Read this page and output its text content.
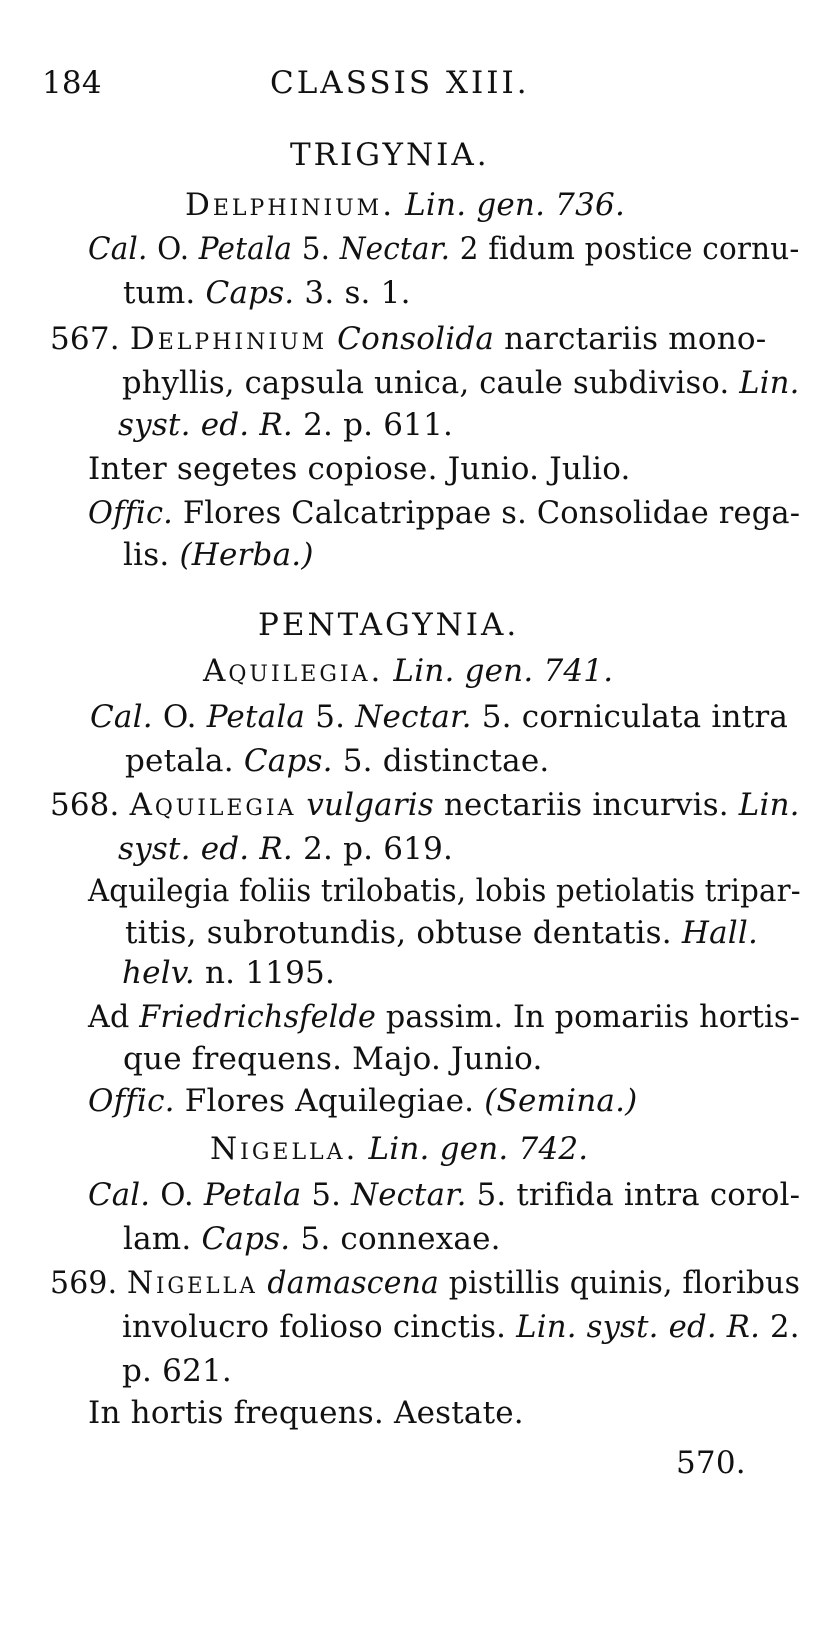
184	CLASSIS XIII.
TRIGYNIA.
Delphinium. Lin. gen. 736.
Cal. O. Petala 5. Nectar. 2 fidum postice cornu-
tum. Caps. 3. s. 1.
567. Delphinium Consolida narctariis mono-
phyllis, capsula unica, caule subdiviso. Lin.
syst. ed. R. 2. p. 611.
Inter segetes copiose. Junio. Julio.
Offic. Flores Calcatrippae s. Consolidae rega-
lis. (Herba.)
PENTAGYNIA.
Aquilegia. Lin. gen. 741.
Cal. O. Petala 5. Nectar. 5. corniculata intra
petala. Caps. 5. distinctae.
568. Aquilegia vulgaris nectariis incurvis. Lin.
syst. ed. R. 2. p. 619.
Aquilegia foliis trilobatis, lobis petiolatis tripar-
titis, subrotundis, obtuse dentatis. Hall.
helv. n. 1195.
Ad Friedrichsfelde passim. In pomariis hortis-
que frequens. Majo. Junio.
Offic. Flores Aquilegiae. (Semina.)
Nigella. Lin. gen. 742.
Cal. O. Petala 5. Nectar. 5. trifida intra corol-
lam. Caps. 5. connexae.
569. Nigella damascena pistillis quinis, floribus
involucro folioso cinctis. Lin. syst. ed. R. 2.
p. 621.
In hortis frequens. Aestate.
570.
